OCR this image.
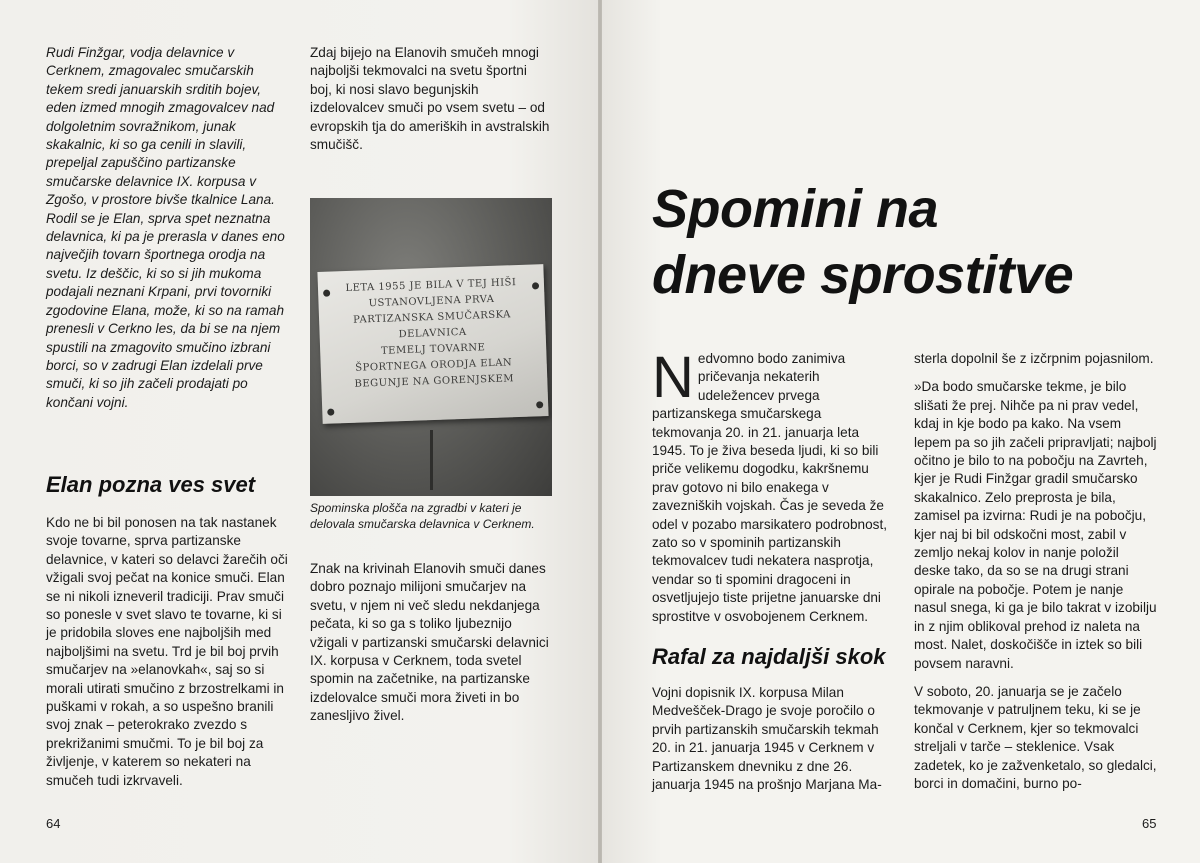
Rudi Finžgar, vodja delavnice v Cerknem, zmagovalec smučarskih tekem sredi januarskih srditih bojev, eden izmed mnogih zmagovalcev nad dolgoletnim sovražnikom, junak skakalnic, ki so ga cenili in slavili, prepeljal zapuščino partizanske smučarske delavnice IX. korpusa v Zgošo, v prostore bivše tkalnice Lana. Rodil se je Elan, sprva spet neznatna delavnica, ki pa je prerasla v danes eno največjih tovarn športnega orodja na svetu. Iz deščic, ki so si jih mukoma podajali neznani Krpani, prvi tovorniki zgodovine Elana, može, ki so na ramah prenesli v Cerkno les, da bi se na njem spustili na zmagovito smučino izbrani borci, so v zadrugi Elan izdelali prve smuči, ki so jih začeli prodajati po končani vojni.
Elan pozna ves svet
Kdo ne bi bil ponosen na tak nastanek svoje tovarne, sprva partizanske delavnice, v kateri so delavci žarečih oči vžigali svoj pečat na konice smuči. Elan se ni nikoli izneveril tradiciji. Prav smuči so ponesle v svet slavo te tovarne, ki si je pridobila sloves ene najboljših med najboljšimi na svetu. Trd je bil boj prvih smučarjev na »elanovkah«, saj so si morali utirati smučino z brzostrelkami in puškami v rokah, a so uspešno branili svoj znak – peterokrako zvezdo s prekrižanimi smučmi. To je bil boj za življenje, v katerem so nekateri na smučeh tudi izkrvaveli.
Zdaj bijejo na Elanovih smučeh mnogi najboljši tekmovalci na svetu športni boj, ki nosi slavo begunjskih izdelovalcev smuči po vsem svetu – od evropskih tja do ameriških in avstralskih smučišč.
LETA 1955 JE BILA V TEJ HIŠI
USTANOVLJENA PRVA
PARTIZANSKA SMUČARSKA
DELAVNICA
TEMELJ TOVARNE
ŠPORTNEGA ORODJA ELAN
BEGUNJE NA GORENJSKEM
Spominska plošča na zgradbi v kateri je delovala smučarska delavnica v Cerknem.
Znak na krivinah Elanovih smuči danes dobro poznajo milijoni smučarjev na svetu, v njem ni več sledu nekdanjega pečata, ki so ga s toliko ljubeznijo vžigali v partizanski smučarski delavnici IX. korpusa v Cerknem, toda svetel spomin na začetnike, na partizanske izdelovalce smuči mora živeti in bo zanesljivo živel.
64
Spomini na
dneve sprostitve
N edvomno bodo zanimiva pričevanja nekaterih udeležencev prvega partizanskega smučarskega tekmovanja 20. in 21. januarja leta 1945. To je živa beseda ljudi, ki so bili priče velikemu dogodku, kakršnemu prav gotovo ni bilo enakega v zavezniških vojskah. Čas je seveda že odel v pozabo marsikatero podrobnost, zato so v spominih partizanskih tekmovalcev tudi nekatera nasprotja, vendar so ti spomini dragoceni in osvetljujejo tiste prijetne januarske dni sprostitve v osvobojenem Cerknem.
Rafal za najdaljši skok
Vojni dopisnik IX. korpusa Milan Medvešček-Drago je svoje poročilo o prvih partizanskih smučarskih tekmah 20. in 21. januarja 1945 v Cerknem v Partizanskem dnevniku z dne 26. januarja 1945 na prošnjo Marjana Ma-
sterla dopolnil še z izčrpnim pojasnilom.
»Da bodo smučarske tekme, je bilo slišati že prej. Nihče pa ni prav vedel, kdaj in kje bodo pa kako. Na vsem lepem pa so jih začeli pripravljati; najbolj očitno je bilo to na pobočju na Zavrteh, kjer je Rudi Finžgar gradil smučarsko skakalnico. Zelo preprosta je bila, zamisel pa izvirna: Rudi je na pobočju, kjer naj bi bil odskočni most, zabil v zemljo nekaj kolov in nanje položil deske tako, da so se na drugi strani opirale na pobočje. Potem je nanje nasul snega, ki ga je bilo takrat v izobilju in z njim oblikoval prehod iz naleta na most. Nalet, doskočišče in iztek so bili povsem naravni.
V soboto, 20. januarja se je začelo tekmovanje v patruljnem teku, ki se je končal v Cerknem, kjer so tekmovalci streljali v tarče – steklenice. Vsak zadetek, ko je zažvenketalo, so gledalci, borci in domačini, burno po-
65
